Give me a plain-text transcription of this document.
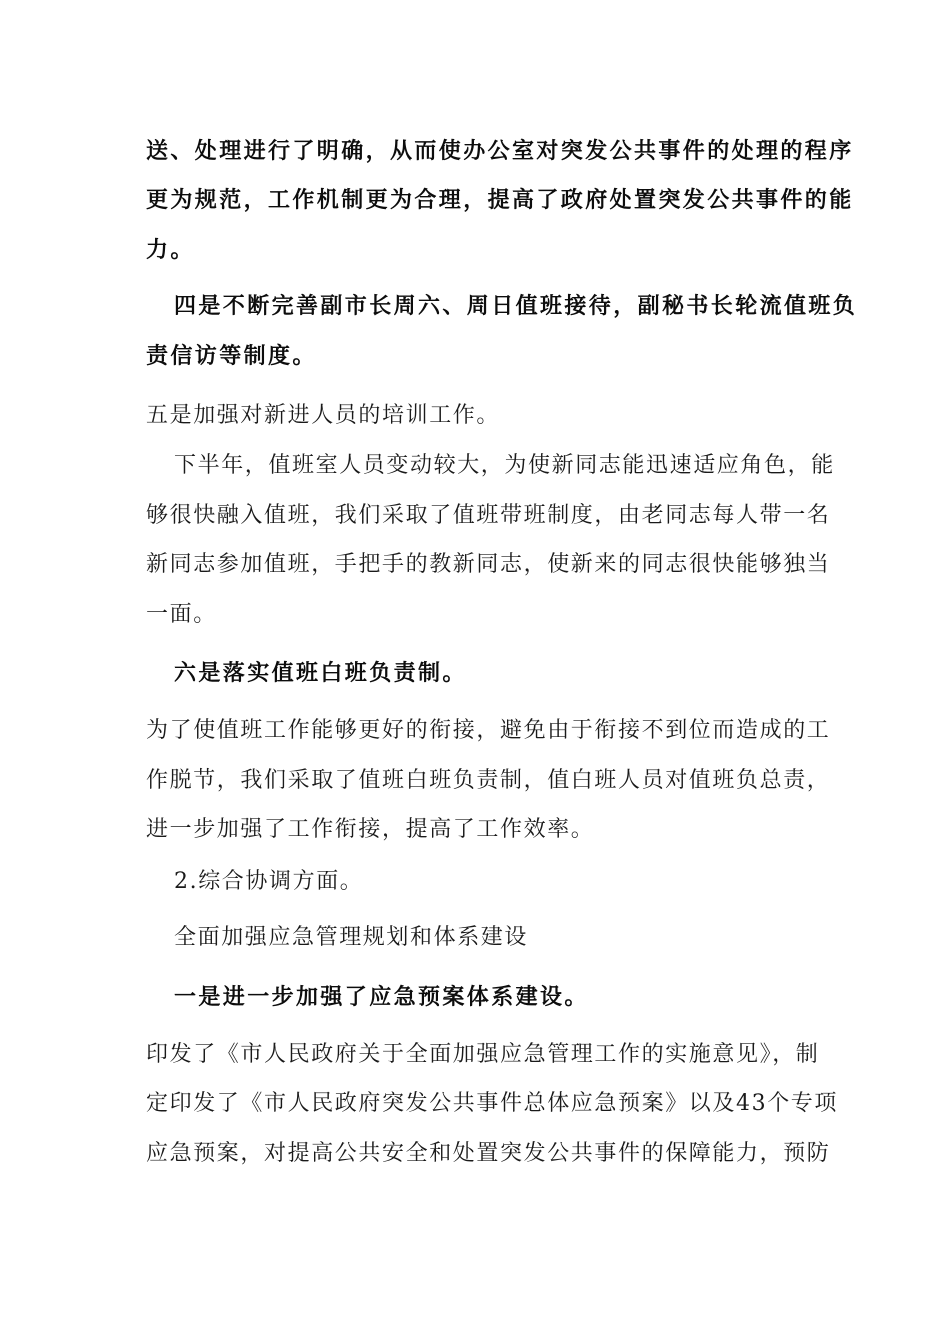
送、处理进行了明确，从而使办公室对突发公共事件的处理的程序
更为规范，工作机制更为合理，提高了政府处置突发公共事件的能
力。
四是不断完善副市长周六、周日值班接待，副秘书长轮流值班负
责信访等制度。
五是加强对新进人员的培训工作。
下半年，值班室人员变动较大，为使新同志能迅速适应角色，能
够很快融入值班，我们采取了值班带班制度，由老同志每人带一名
新同志参加值班，手把手的教新同志，使新来的同志很快能够独当
一面。
六是落实值班白班负责制。
为了使值班工作能够更好的衔接，避免由于衔接不到位而造成的工
作脱节，我们采取了值班白班负责制，值白班人员对值班负总责，
进一步加强了工作衔接，提高了工作效率。
2.综合协调方面。
全面加强应急管理规划和体系建设
一是进一步加强了应急预案体系建设。
印发了《市人民政府关于全面加强应急管理工作的实施意见》，制
定印发了《市人民政府突发公共事件总体应急预案》以及43个专项
应急预案，对提高公共安全和处置突发公共事件的保障能力，预防
